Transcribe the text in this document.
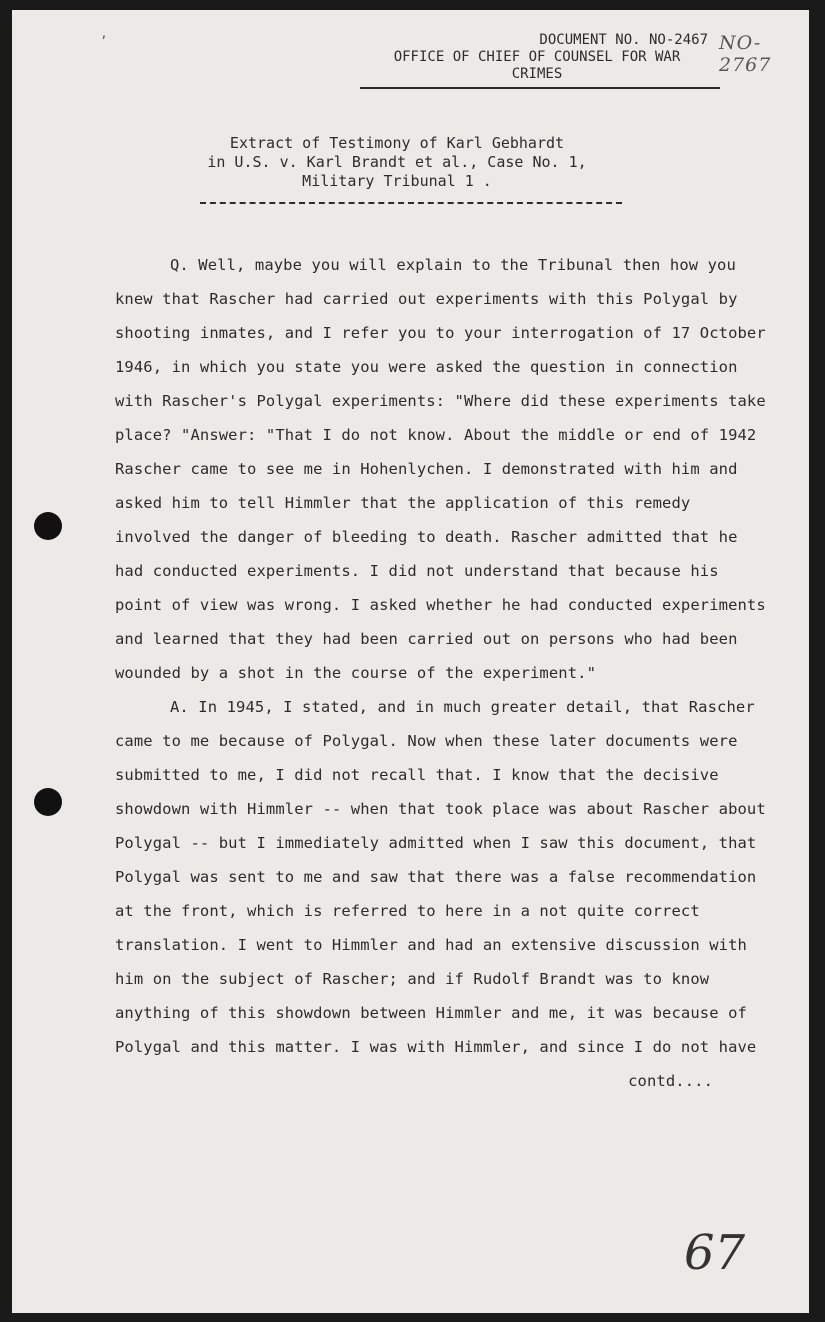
’	DOCUMENT NO. NO-2467
OFFICE OF CHIEF OF COUNSEL FOR WAR
CRIMES
NO-2767
Extract of Testimony of Karl Gebhardt
in U.S. v. Karl Brandt et al., Case No. 1,
Military Tribunal 1 .

Q. Well, maybe you will explain to the Tribunal then how you knew that Rascher had carried out experiments with this Polygal by shooting inmates, and I refer you to your interrogation of 17 October 1946, in which you state you were asked the question in connection with Rascher's Polygal experiments: "Where did these experiments take place? "Answer: "That I do not know. About the middle or end of 1942 Rascher came to see me in Hohenlychen. I demonstrated with him and asked him to tell Himmler that the application of this remedy involved the danger of bleeding to death. Rascher admitted that he had conducted experiments. I did not understand that because his point of view was wrong. I asked whether he had conducted experiments and learned that they had been carried out on persons who had been wounded by a shot in the course of the experiment."

A. In 1945, I stated, and in much greater detail, that Rascher came to me because of Polygal. Now when these later documents were submitted to me, I did not recall that. I know that the decisive showdown with Himmler -- when that took place was about Rascher about Polygal -- but I immediately admitted when I saw this document, that Polygal was sent to me and saw that there was a false recommendation at the front, which is referred to here in a not quite correct translation. I went to Himmler and had an extensive discussion with him on the subject of Rascher; and if Rudolf Brandt was to know anything of this showdown between Himmler and me, it was because of Polygal and this matter. I was with Himmler, and since I do not have

contd....

67
